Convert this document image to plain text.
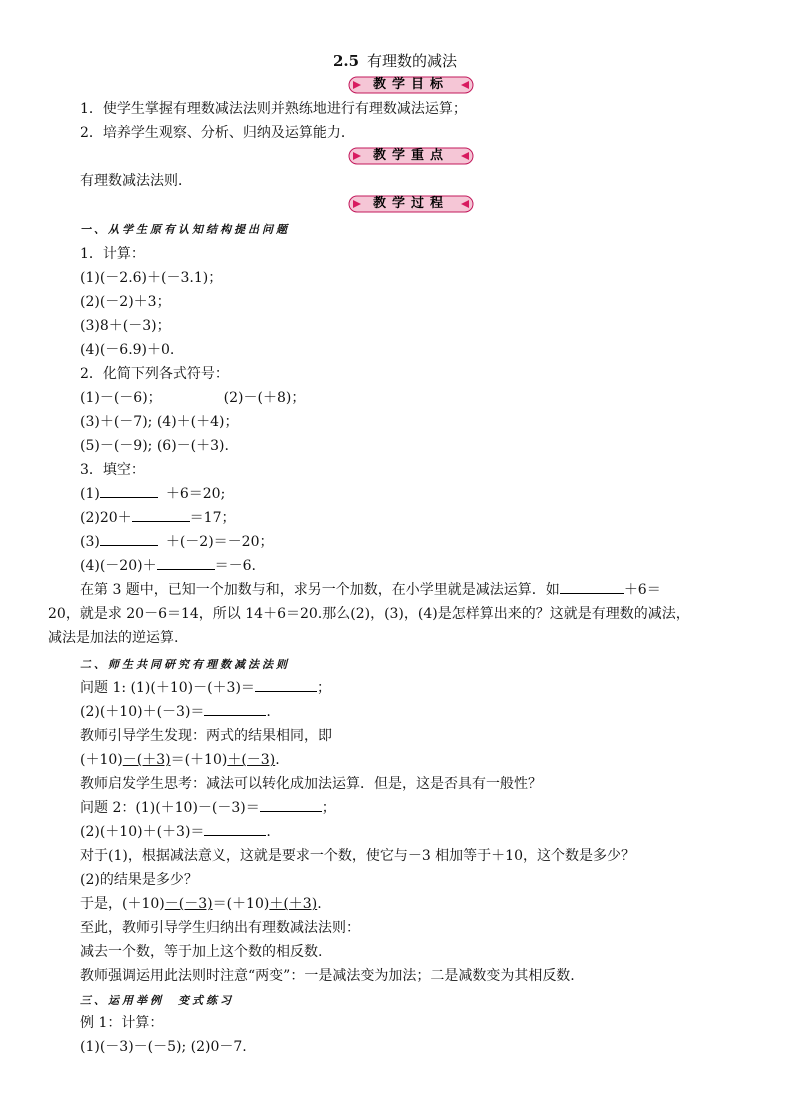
2.5 有理数的减法
教学目标
1．使学生掌握有理数减法法则并熟练地进行有理数减法运算；
2．培养学生观察、分析、归纳及运算能力．
教学重点
有理数减法法则．
教学过程
一、从学生原有认知结构提出问题
1．计算：
(1)(－2.6)＋(－3.1)；
(2)(－2)＋3；
(3)8＋(－3)；
(4)(－6.9)＋0.
2．化简下列各式符号：
(1)－(－6)；	(2)－(＋8)；
(3)＋(－7); (4)＋(＋4)；
(5)－(－9); (6)－(＋3).
3．填空：
(1)	＋6＝20;
(2)20＋	＝17；
(3)	＋(－2)＝－20；
(4)(－20)＋	＝－6.
在第 3 题中，已知一个加数与和，求另一个加数，在小学里就是减法运算．如	＋6＝
20，就是求 20－6＝14，所以 14＋6＝20.那么(2)，(3)，(4)是怎样算出来的？这就是有理数的减法，
减法是加法的逆运算.
二、师生共同研究有理数减法法则
问题 1: (1)(＋10)－(＋3)＝	；
(2)(＋10)＋(－3)＝	.
教师引导学生发现：两式的结果相同，即
(＋10)－(＋3)＝(＋10)＋(－3).
教师启发学生思考：减法可以转化成加法运算．但是，这是否具有一般性？
问题 2：(1)(＋10)－(－3)＝	；
(2)(＋10)＋(＋3)＝	.
对于(1)，根据减法意义，这就是要求一个数，使它与－3 相加等于＋10，这个数是多少？
(2)的结果是多少？
于是，(＋10)－(－3)＝(＋10)＋(＋3).
至此，教师引导学生归纳出有理数减法法则：
减去一个数，等于加上这个数的相反数.
教师强调运用此法则时注意“两变”：一是减法变为加法；二是减数变为其相反数.
三、运用举例　变式练习
例 1：计算：
(1)(－3)－(－5); (2)0－7.
